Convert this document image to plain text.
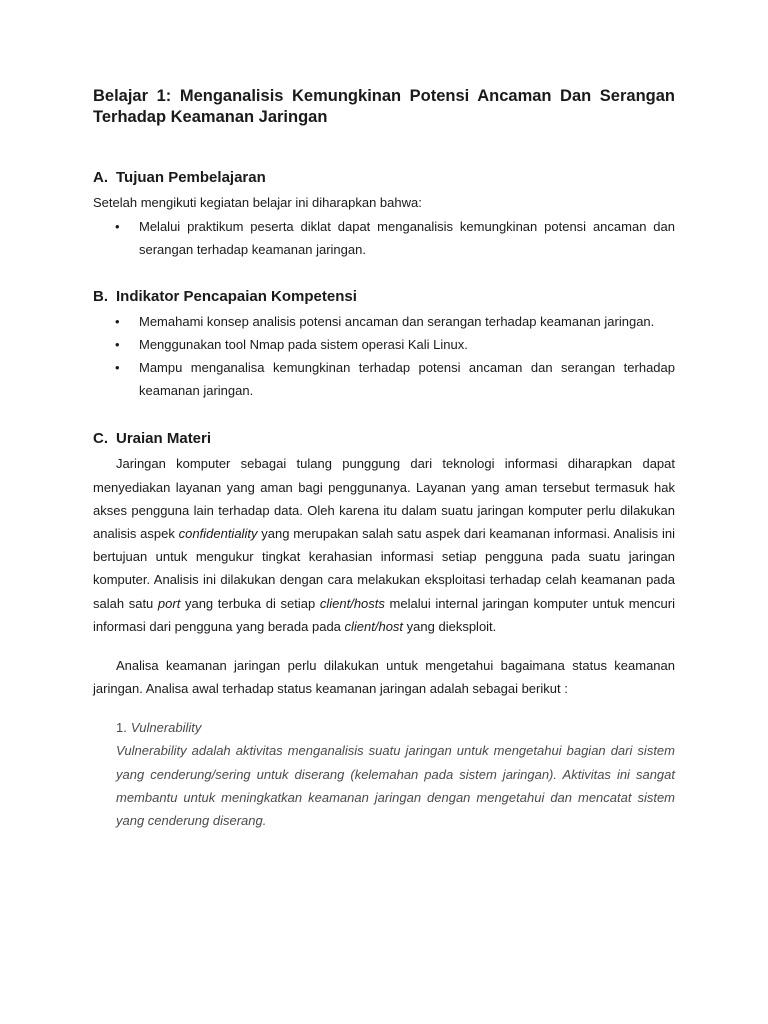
Belajar 1: Menganalisis Kemungkinan Potensi Ancaman Dan Serangan Terhadap Keamanan Jaringan
A. Tujuan Pembelajaran

Setelah mengikuti kegiatan belajar ini diharapkan bahwa:

• Melalui praktikum peserta diklat dapat menganalisis kemungkinan potensi ancaman dan serangan terhadap keamanan jaringan.
B. Indikator Pencapaian Kompetensi
• Memahami konsep analisis potensi ancaman dan serangan terhadap keamanan jaringan.
• Menggunakan tool Nmap pada sistem operasi Kali Linux.
• Mampu menganalisa kemungkinan terhadap potensi ancaman dan serangan terhadap keamanan jaringan.
C. Uraian Materi

Jaringan komputer sebagai tulang punggung dari teknologi informasi diharapkan dapat menyediakan layanan yang aman bagi penggunanya. Layanan yang aman tersebut termasuk hak akses pengguna lain terhadap data. Oleh karena itu dalam suatu jaringan komputer perlu dilakukan analisis aspek confidentiality yang merupakan salah satu aspek dari keamanan informasi. Analisis ini bertujuan untuk mengukur tingkat kerahasian informasi setiap pengguna pada suatu jaringan komputer. Analisis ini dilakukan dengan cara melakukan eksploitasi terhadap celah keamanan pada salah satu port yang terbuka di setiap client/hosts melalui internal jaringan komputer untuk mencuri informasi dari pengguna yang berada pada client/host yang dieksploit.

Analisa keamanan jaringan perlu dilakukan untuk mengetahui bagaimana status keamanan jaringan. Analisa awal terhadap status keamanan jaringan adalah sebagai berikut :

1. Vulnerability

Vulnerability adalah aktivitas menganalisis suatu jaringan untuk mengetahui bagian dari sistem yang cenderung/sering untuk diserang (kelemahan pada sistem jaringan). Aktivitas ini sangat membantu untuk meningkatkan keamanan jaringan dengan mengetahui dan mencatat sistem yang cenderung diserang.
